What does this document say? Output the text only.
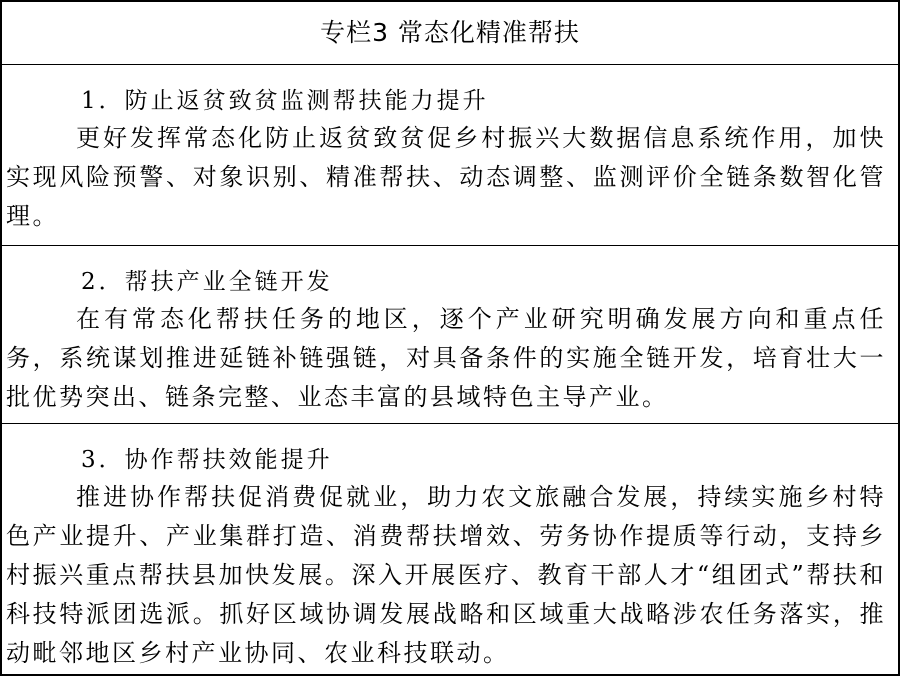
专栏3 常态化精准帮扶
1．防止返贫致贫监测帮扶能力提升

更好发挥常态化防止返贫致贫促乡村振兴大数据信息系统作用，加快实现风险预警、对象识别、精准帮扶、动态调整、监测评价全链条数智化管理。

2．帮扶产业全链开发

在有常态化帮扶任务的地区，逐个产业研究明确发展方向和重点任务，系统谋划推进延链补链强链，对具备条件的实施全链开发，培育壮大一批优势突出、链条完整、业态丰富的县域特色主导产业。

3．协作帮扶效能提升

推进协作帮扶促消费促就业，助力农文旅融合发展，持续实施乡村特色产业提升、产业集群打造、消费帮扶增效、劳务协作提质等行动，支持乡村振兴重点帮扶县加快发展。深入开展医疗、教育干部人才“组团式”帮扶和科技特派团选派。抓好区域协调发展战略和区域重大战略涉农任务落实，推动毗邻地区乡村产业协同、农业科技联动。
